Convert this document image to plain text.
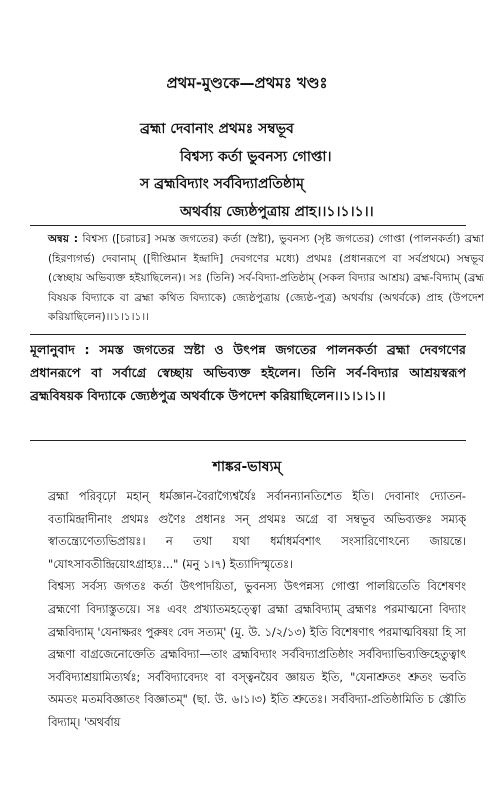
প্রথম-মুণ্ডকে—প্রথমঃ খণ্ডঃ
ব্রহ্মা দেবানাং প্রথমঃ সম্বভূব
বিশ্বস্য কর্তা ভুবনস্য গোপ্তা।
স ব্রহ্মবিদ্যাং সর্ববিদ্যাপ্রতিষ্ঠাম্‌
অথর্বায় জ্যেষ্ঠপুত্রায় প্রাহ।।১।১।১।।

অন্বয় : বিশ্বস্য ([চরাচর] সমস্ত জগতের) কর্তা (স্রষ্টা), ভুবনস্য (সৃষ্ট জগতের) গোপ্তা (পালনকর্তা) ব্রহ্মা (হিরণ্যগর্ভ) দেবানাম্‌ ([দীপ্তিমান ইন্দ্রাদি] দেবগণের মধ্যে) প্রথমঃ (প্রধানরূপে বা সর্বপ্রথমে) সম্বভূব (স্বেচ্ছায় অভিব্যক্ত হইয়াছিলেন)। সঃ (তিনি) সর্ব-বিদ্যা-প্রতিষ্ঠাম্‌ (সকল বিদ্যার আশ্রয়) ব্রহ্ম-বিদ্যাম্‌ (ব্রহ্ম বিষয়ক বিদ্যাকে বা ব্রহ্মা কথিত বিদ্যাকে) জ্যেষ্ঠপুত্রায় (জ্যেষ্ঠ-পুত্র) অথর্বায় (অথর্বকে) প্রাহ (উপদেশ করিয়াছিলেন)।।১।১।১।।

মূলানুবাদ : সমস্ত জগতের স্রষ্টা ও উৎপন্ন জগতের পালনকর্তা ব্রহ্মা দেবগণের প্রধানরূপে বা সর্বাগ্রে স্বেচ্ছায় অভিব্যক্ত হইলেন। তিনি সর্ব-বিদ্যার আশ্রয়স্বরূপ ব্রহ্মবিষয়ক বিদ্যাকে জ্যেষ্ঠপুত্র অথর্বাকে উপদেশ করিয়াছিলেন।।১।১।১।।

শাঙ্কর-ভাষ্যম্‌
ব্রহ্মা পরিবৃঢ়ো মহান্‌ ধর্মজ্ঞান-বৈরাগ্যৈশ্বর্যৈঃ সর্বানন্যানতিশেত ইতি। দেবানাং দ্যোতন-বতামিন্দ্রাদীনাং প্রথমঃ গুণৈঃ প্রধানঃ সন্‌ প্রথমঃ অগ্রে বা সম্বভূব অভিব্যক্তঃ সম্যক্‌ স্বাতন্ত্র্যেণেত্যভিপ্রায়ঃ। ন তথা যথা ধর্মাধর্মবশাৎ সংসারিণোঽন্যে জায়ন্তে। "যোঽসাবতীন্দ্রিয়োঽগ্রাহ্যঃ..." (মনু ১।৭) ইত্যাদিস্মৃতেঃ।
বিশ্বস্য সর্বস্য জগতঃ কর্তা উৎপাদয়িতা, ভুবনস্য উৎপন্নস্য গোপ্তা পালয়িতেতি বিশেষণং ব্রহ্মণো বিদ্যাস্তুতয়ে। সঃ এবং প্রখ্যাতমহত্ত্বো ব্রহ্মা ব্রহ্মবিদ্যাম্‌ ব্রহ্মণঃ পরমাত্মনো বিদ্যাং ব্রহ্মবিদ্যাম্‌ 'যেনাক্ষরং পুরুষং বেদ সত্যম্‌' (মু. উ. ১/২/১৩) ইতি বিশেষণাৎ পরমাত্মবিষয়া হি সা ব্রহ্মণা বাগ্রজেনোক্তেতি ব্রহ্মবিদ্যা—তাং ব্রহ্মবিদ্যাং সর্ববিদ্যাপ্রতিষ্ঠাং সর্ববিদ্যাভিব্যক্তিহেতুত্বাৎ সর্ববিদ্যাশ্রয়ামিত্যর্থঃ; সর্ববিদ্যাবেদ্যং বা বস্ত্বনয়ৈব জ্ঞায়ত ইতি, "যেনাশ্রুতং শ্রুতং ভবতি অমতং মতমবিজ্ঞাতং বিজ্ঞাতম্‌" (ছা. উ. ৬।১।৩) ইতি শ্রুতেঃ। সর্ববিদ্যা-প্রতিষ্ঠামিতি চ স্তৌতি বিদ্যাম্‌। 'অথর্বায়
